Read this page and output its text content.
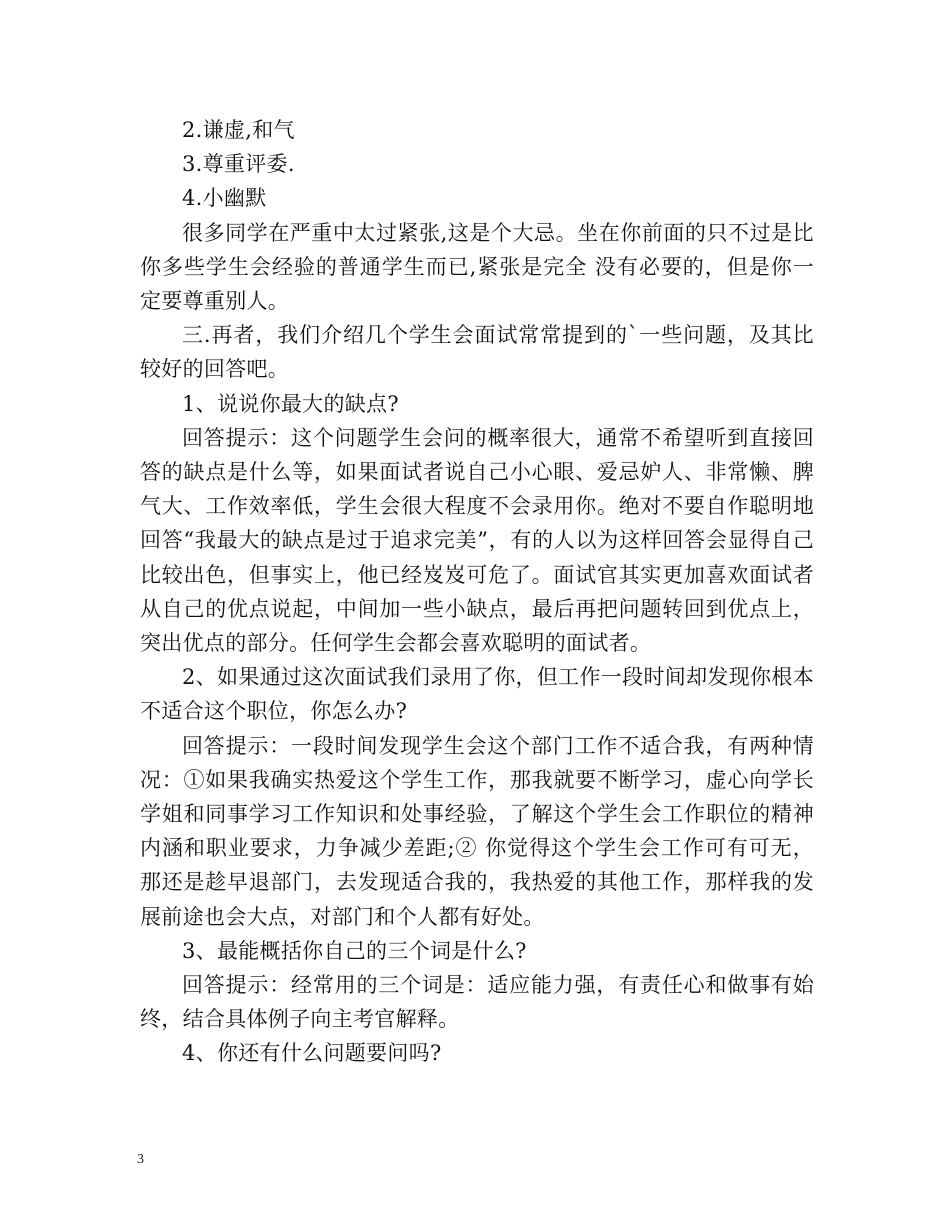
2.谦虚,和气

3.尊重评委.

4.小幽默

很多同学在严重中太过紧张,这是个大忌。坐在你前面的只不过是比你多些学生会经验的普通学生而已,紧张是完全 没有必要的，但是你一定要尊重别人。

三.再者，我们介绍几个学生会面试常常提到的`一些问题，及其比较好的回答吧。

1、说说你最大的缺点?

回答提示：这个问题学生会问的概率很大，通常不希望听到直接回答的缺点是什么等，如果面试者说自己小心眼、爱忌妒人、非常懒、脾气大、工作效率低，学生会很大程度不会录用你。绝对不要自作聪明地回答“我最大的缺点是过于追求完美”，有的人以为这样回答会显得自己比较出色，但事实上，他已经岌岌可危了。面试官其实更加喜欢面试者从自己的优点说起，中间加一些小缺点，最后再把问题转回到优点上，突出优点的部分。任何学生会都会喜欢聪明的面试者。

2、如果通过这次面试我们录用了你，但工作一段时间却发现你根本不适合这个职位，你怎么办?

回答提示：一段时间发现学生会这个部门工作不适合我，有两种情况：①如果我确实热爱这个学生工作，那我就要不断学习，虚心向学长学姐和同事学习工作知识和处事经验，了解这个学生会工作职位的精神内涵和职业要求，力争减少差距;② 你觉得这个学生会工作可有可无，那还是趁早退部门，去发现适合我的，我热爱的其他工作，那样我的发展前途也会大点，对部门和个人都有好处。

3、最能概括你自己的三个词是什么?

回答提示：经常用的三个词是：适应能力强，有责任心和做事有始终，结合具体例子向主考官解释。

4、你还有什么问题要问吗?

3
